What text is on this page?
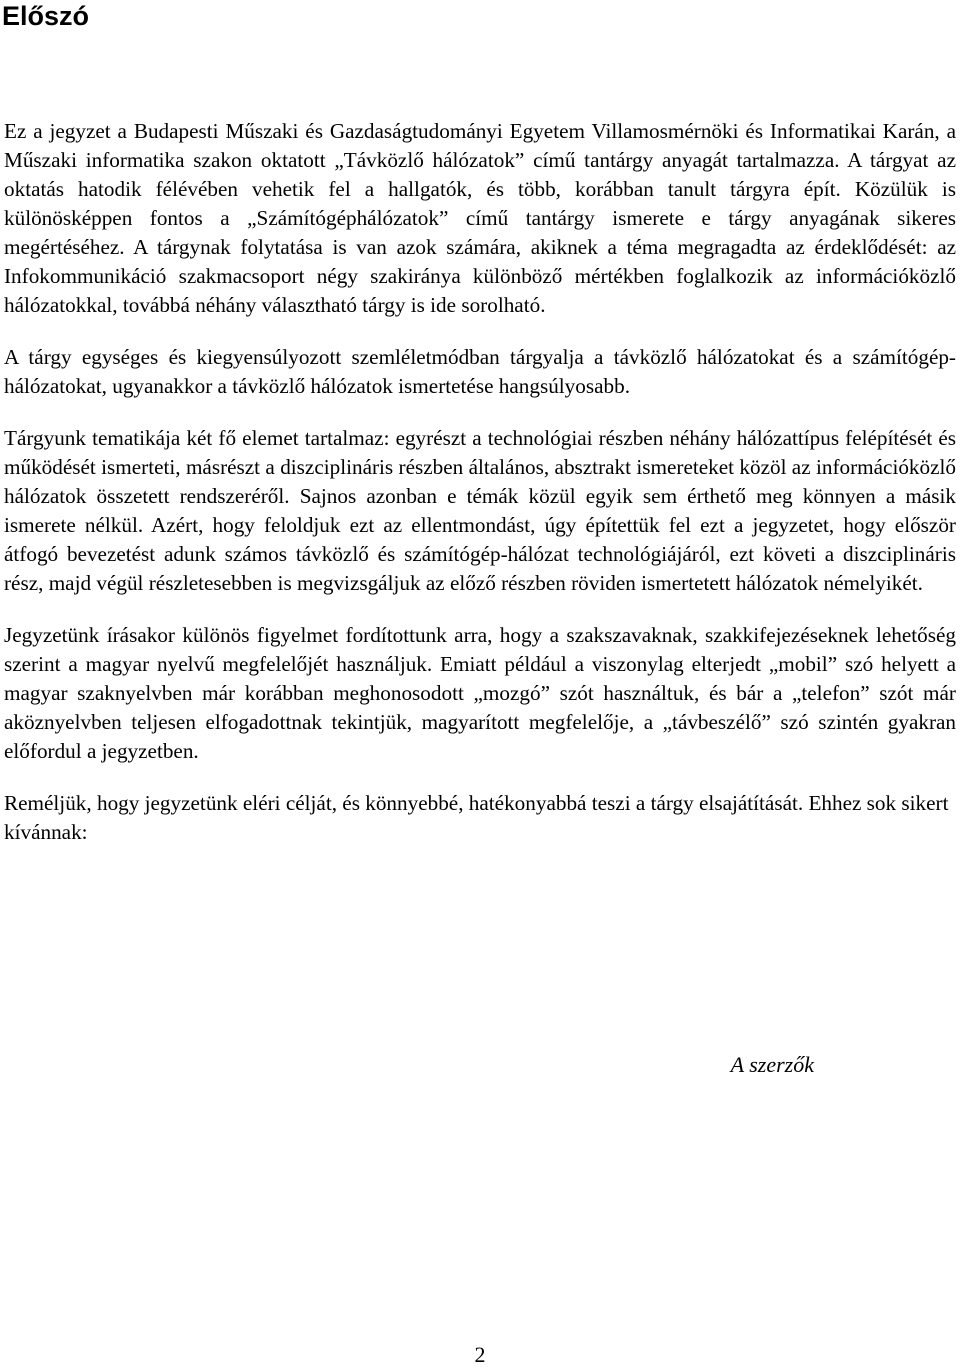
Előszó

Ez a jegyzet a Budapesti Műszaki és Gazdaságtudományi Egyetem Villamosmérnöki és Informatikai Karán, a Műszaki informatika szakon oktatott „Távközlő hálózatok” című tantárgy anyagát tartalmazza. A tárgyat az oktatás hatodik félévében vehetik fel a hallgatók, és több, korábban tanult tárgyra épít. Közülük is különösképpen fontos a „Számítógéphálózatok” című tantárgy ismerete e tárgy anyagának sikeres megértéséhez. A tárgynak folytatása is van azok számára, akiknek a téma megragadta az érdeklődését: az Infokommunikáció szakmacsoport négy szakiránya különböző mértékben foglalkozik az információközlő hálózatokkal, továbbá néhány választható tárgy is ide sorolható.

A tárgy egységes és kiegyensúlyozott szemléletmódban tárgyalja a távközlő hálózatokat és a számítógép-hálózatokat, ugyanakkor a távközlő hálózatok ismertetése hangsúlyosabb.

Tárgyunk tematikája két fő elemet tartalmaz: egyrészt a technológiai részben néhány hálózattípus felépítését és működését ismerteti, másrészt a diszciplináris részben általános, absztrakt ismereteket közöl az információközlő hálózatok összetett rendszeréről. Sajnos azonban e témák közül egyik sem érthető meg könnyen a másik ismerete nélkül. Azért, hogy feloldjuk ezt az ellentmondást, úgy építettük fel ezt a jegyzetet, hogy először átfogó bevezetést adunk számos távközlő és számítógép-hálózat technológiájáról, ezt követi a diszciplináris rész, majd végül részletesebben is megvizsgáljuk az előző részben röviden ismertetett hálózatok némelyikét.

Jegyzetünk írásakor különös figyelmet fordítottunk arra, hogy a szakszavaknak, szakkifejezéseknek lehetőség szerint a magyar nyelvű megfelelőjét használjuk. Emiatt például a viszonylag elterjedt „mobil” szó helyett a magyar szaknyelvben már korábban meghonosodott „mozgó” szót használtuk, és bár a „telefon” szót már aköznyelvben teljesen elfogadottnak tekintjük, magyarított megfelelője, a „távbeszélő” szó szintén gyakran előfordul a jegyzetben.

Reméljük, hogy jegyzetünk eléri célját, és könnyebbé, hatékonyabbá teszi a tárgy elsajátítását. Ehhez sok sikert kívánnak:

A szerzők
2
